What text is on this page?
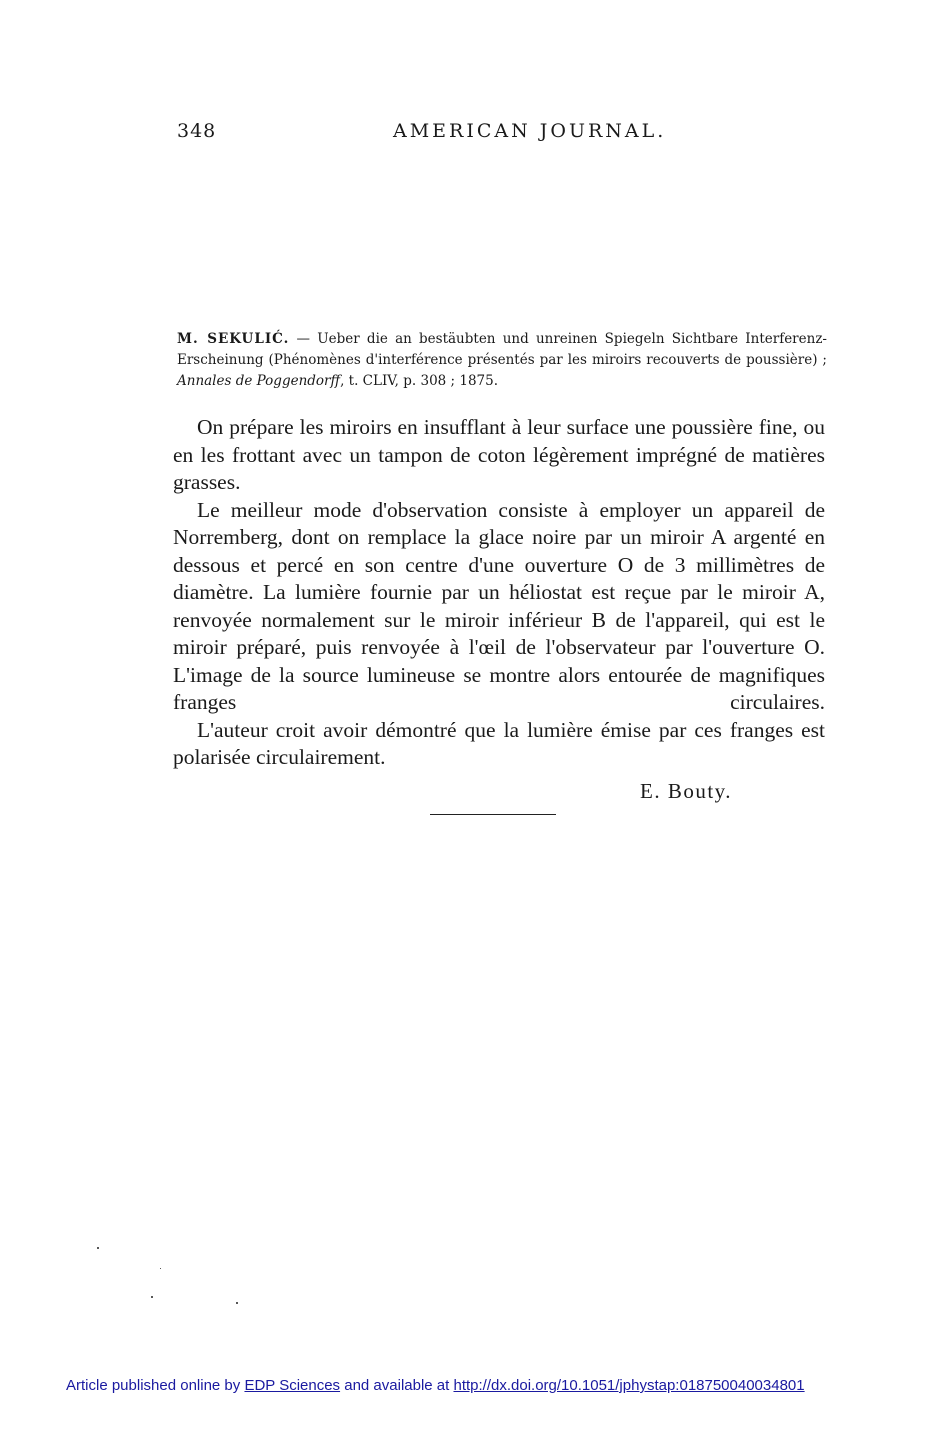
348	AMERICAN JOURNAL.
M. SEKULIĆ. — Ueber die an bestäubten und unreinen Spiegeln Sichtbare Interferenz-Erscheinung (Phénomènes d'interférence présentés par les miroirs recouverts de poussière) ; Annales de Poggendorff, t. CLIV, p. 308 ; 1875.

On prépare les miroirs en insufflant à leur surface une poussière fine, ou en les frottant avec un tampon de coton légèrement imprégné de matières grasses.

Le meilleur mode d'observation consiste à employer un appareil de Norremberg, dont on remplace la glace noire par un miroir A argenté en dessous et percé en son centre d'une ouverture O de 3 millimètres de diamètre. La lumière fournie par un héliostat est reçue par le miroir A, renvoyée normalement sur le miroir inférieur B de l'appareil, qui est le miroir préparé, puis renvoyée à l'œil de l'observateur par l'ouverture O. L'image de la source lumineuse se montre alors entourée de magnifiques franges circulaires.

L'auteur croit avoir démontré que la lumière émise par ces franges est polarisée circulairement.

E. Bouty.
Article published online by EDP Sciences and available at http://dx.doi.org/10.1051/jphystap:018750040034801
